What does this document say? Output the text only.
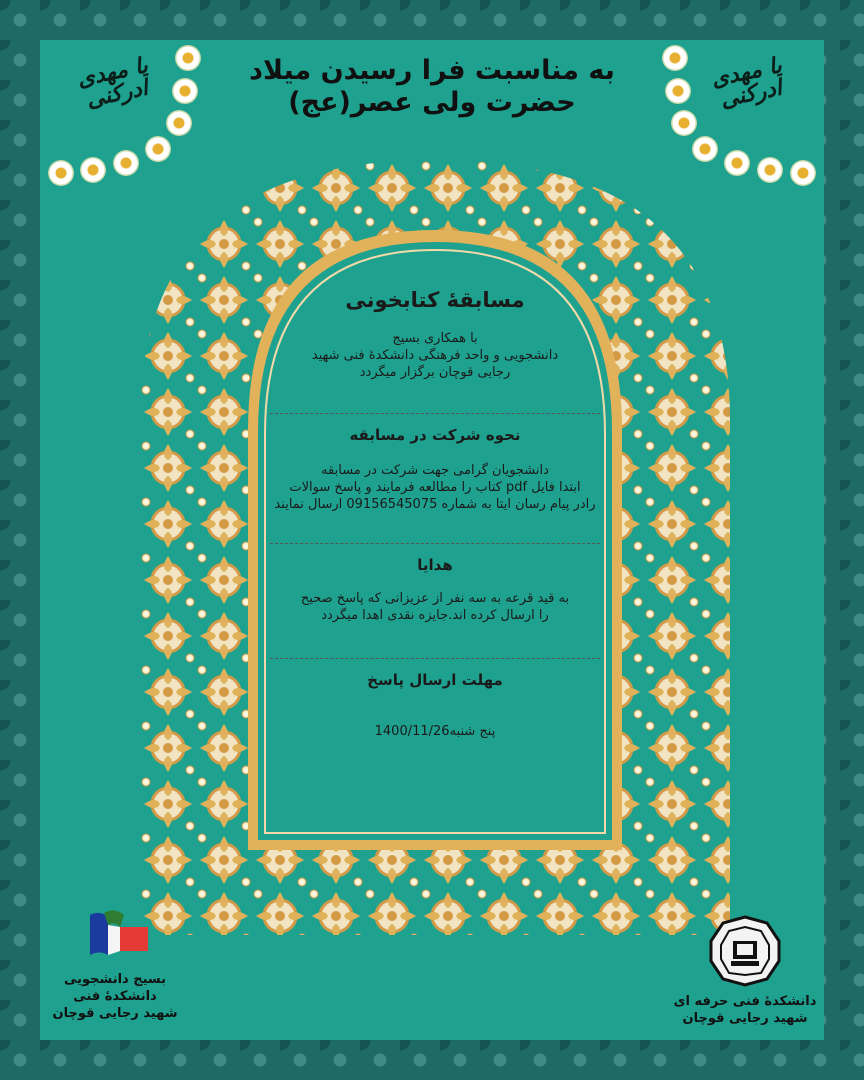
به مناسبت فرا رسیدن میلاد
حضرت ولی عصر(عج)
یا مهدی ادرکنی
یا مهدی ادرکنی
مسابقهٔ کتابخونی

با همکاری بسیج

دانشجویی و واحد فرهنگی دانشکدهٔ فنی شهید

رجایی قوچان برگزار میگردد

نحوه شرکت در مسابقه

دانشجویان گرامی جهت شرکت در مسابقه

ابتدا فایل pdf کتاب را مطالعه فرمایند و پاسخ سوالات

رادر پیام رسان ایتا به شماره 09156545075 ارسال نمایند

هدایا

به قید قرعه به سه نفر از عزیزانی که پاسخ صحیح

را ارسال کرده اند.جایزه نقدی اهدا میگردد

مهلت ارسال پاسخ

پنج شنبه1400/11/26

بسیج دانشجویی
دانشکدهٔ فنی
شهید رجایی قوچان
دانشکدهٔ فنی حرفه ای
شهید رجایی قوچان
